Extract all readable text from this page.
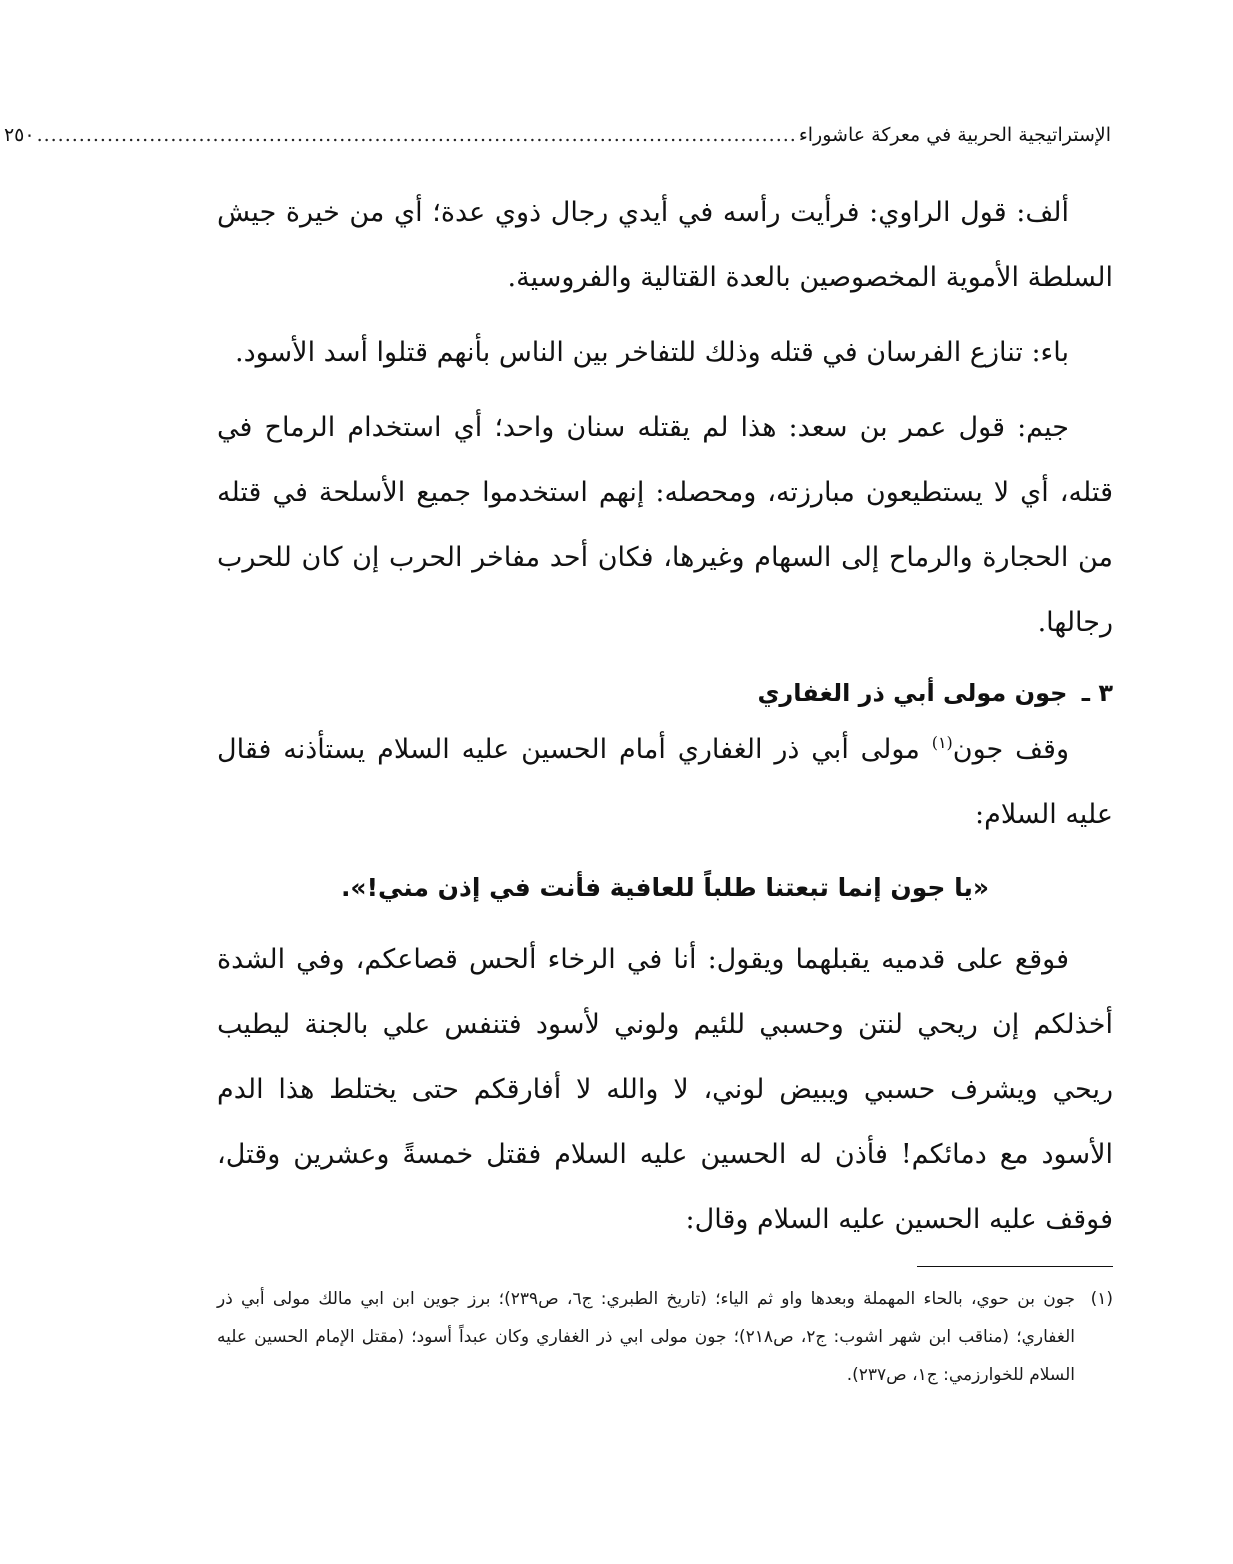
الإستراتيجية الحربية في معركة عاشوراء
............................................................................................................
٢٥٠

ألف: قول الراوي: فرأيت رأسه في أيدي رجال ذوي عدة؛ أي من خيرة جيش السلطة الأموية المخصوصين بالعدة القتالية والفروسية.

باء: تنازع الفرسان في قتله وذلك للتفاخر بين الناس بأنهم قتلوا أسد الأسود.

جيم: قول عمر بن سعد: هذا لم يقتله سنان واحد؛ أي استخدام الرماح في قتله، أي لا يستطيعون مبارزته، ومحصله: إنهم استخدموا جميع الأسلحة في قتله من الحجارة والرماح إلى السهام وغيرها، فكان أحد مفاخر الحرب إن كان للحرب رجالها.

٣ ـ جون مولى أبي ذر الغفاري

وقف جون$^{(١)}$ مولى أبي ذر الغفاري أمام الحسين عليه السلام يستأذنه فقال عليه السلام:

«يا جون إنما تبعتنا طلباً للعافية فأنت في إذن مني!».

فوقع على قدميه يقبلهما ويقول: أنا في الرخاء ألحس قصاعكم، وفي الشدة أخذلكم إن ريحي لنتن وحسبي للئيم ولوني لأسود فتنفس علي بالجنة ليطيب ريحي ويشرف حسبي ويبيض لوني، لا والله لا أفارقكم حتى يختلط هذا الدم الأسود مع دمائكم! فأذن له الحسين عليه السلام فقتل خمسةً وعشرين وقتل، فوقف عليه الحسين عليه السلام وقال:

(١)
جون بن حوي، بالحاء المهملة وبعدها واو ثم الياء؛ (تاريخ الطبري: ج٦، ص٢٣٩)؛ برز جوين ابن ابي مالك مولى أبي ذر الغفاري؛ (مناقب ابن شهر اشوب: ج٢، ص٢١٨)؛ جون مولى ابي ذر الغفاري وكان عبداً أسود؛ (مقتل الإمام الحسين عليه السلام للخوارزمي: ج١، ص٢٣٧).
